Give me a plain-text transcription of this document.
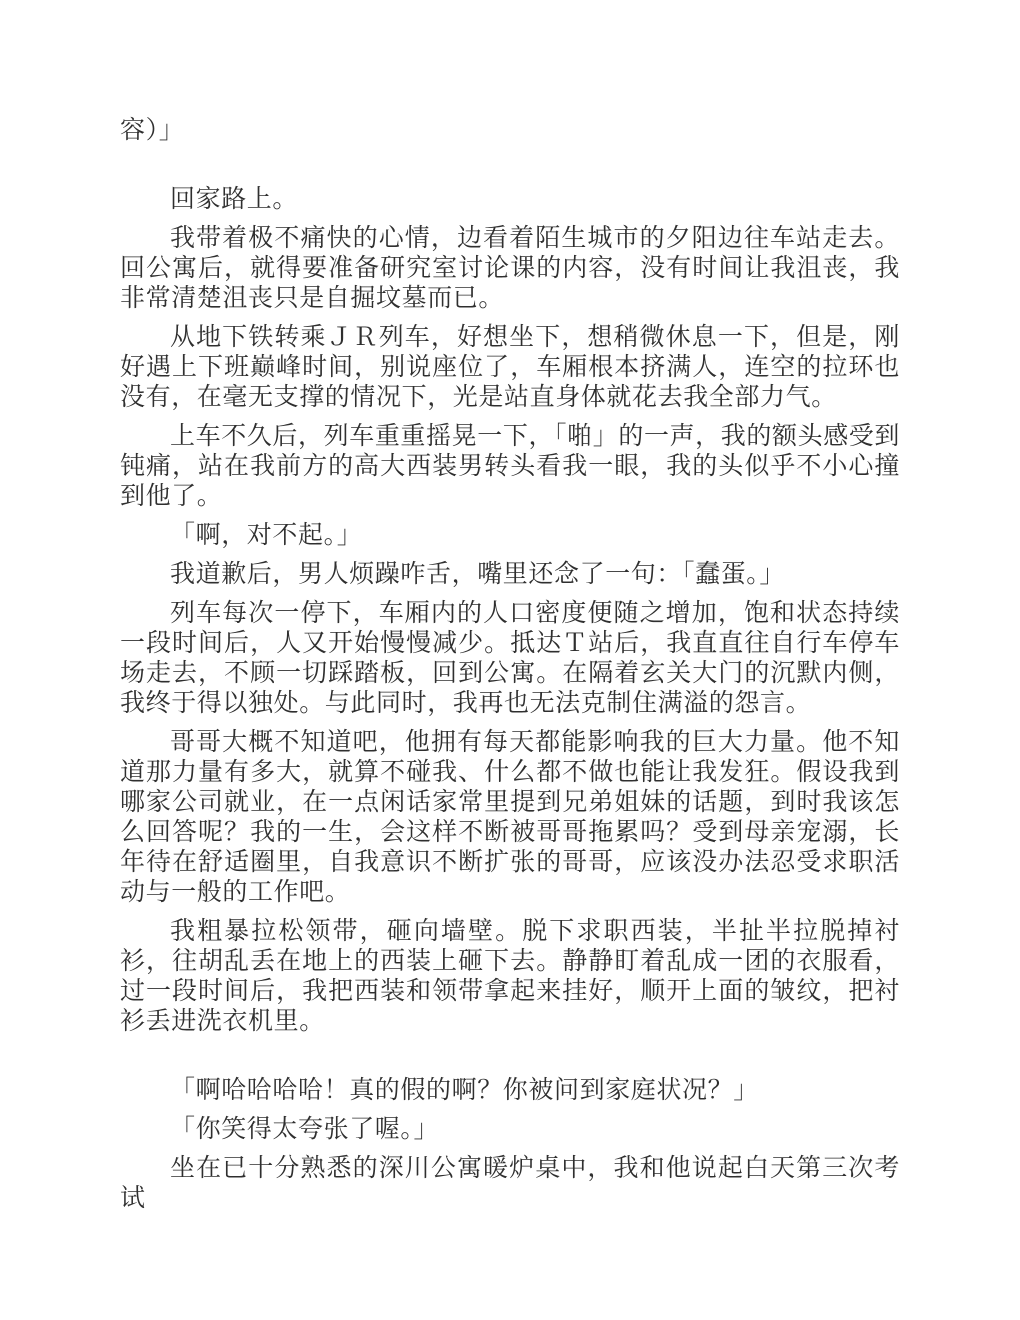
容）」

回家路上。

我带着极不痛快的心情，边看着陌生城市的夕阳边往车站走去。回公寓后，就得要准备研究室讨论课的内容，没有时间让我沮丧，我非常清楚沮丧只是自掘坟墓而已。

从地下铁转乘ＪＲ列车，好想坐下，想稍微休息一下，但是，刚好遇上下班巅峰时间，别说座位了，车厢根本挤满人，连空的拉环也没有，在毫无支撑的情况下，光是站直身体就花去我全部力气。

上车不久后，列车重重摇晃一下，「啪」的一声，我的额头感受到钝痛，站在我前方的高大西装男转头看我一眼，我的头似乎不小心撞到他了。

「啊，对不起。」

我道歉后，男人烦躁咋舌，嘴里还念了一句：「蠢蛋。」

列车每次一停下，车厢内的人口密度便随之增加，饱和状态持续一段时间后，人又开始慢慢减少。抵达Ｔ站后，我直直往自行车停车场走去，不顾一切踩踏板，回到公寓。在隔着玄关大门的沉默内侧，我终于得以独处。与此同时，我再也无法克制住满溢的怨言。

哥哥大概不知道吧，他拥有每天都能影响我的巨大力量。他不知道那力量有多大，就算不碰我、什么都不做也能让我发狂。假设我到哪家公司就业，在一点闲话家常里提到兄弟姐妹的话题，到时我该怎么回答呢？我的一生，会这样不断被哥哥拖累吗？受到母亲宠溺，长年待在舒适圈里，自我意识不断扩张的哥哥，应该没办法忍受求职活动与一般的工作吧。

我粗暴拉松领带，砸向墙壁。脱下求职西装，半扯半拉脱掉衬衫，往胡乱丢在地上的西装上砸下去。静静盯着乱成一团的衣服看，过一段时间后，我把西装和领带拿起来挂好，顺开上面的皱纹，把衬衫丢进洗衣机里。

「啊哈哈哈哈！真的假的啊？你被问到家庭状况？」

「你笑得太夸张了喔。」

坐在已十分熟悉的深川公寓暖炉桌中，我和他说起白天第三次考试
